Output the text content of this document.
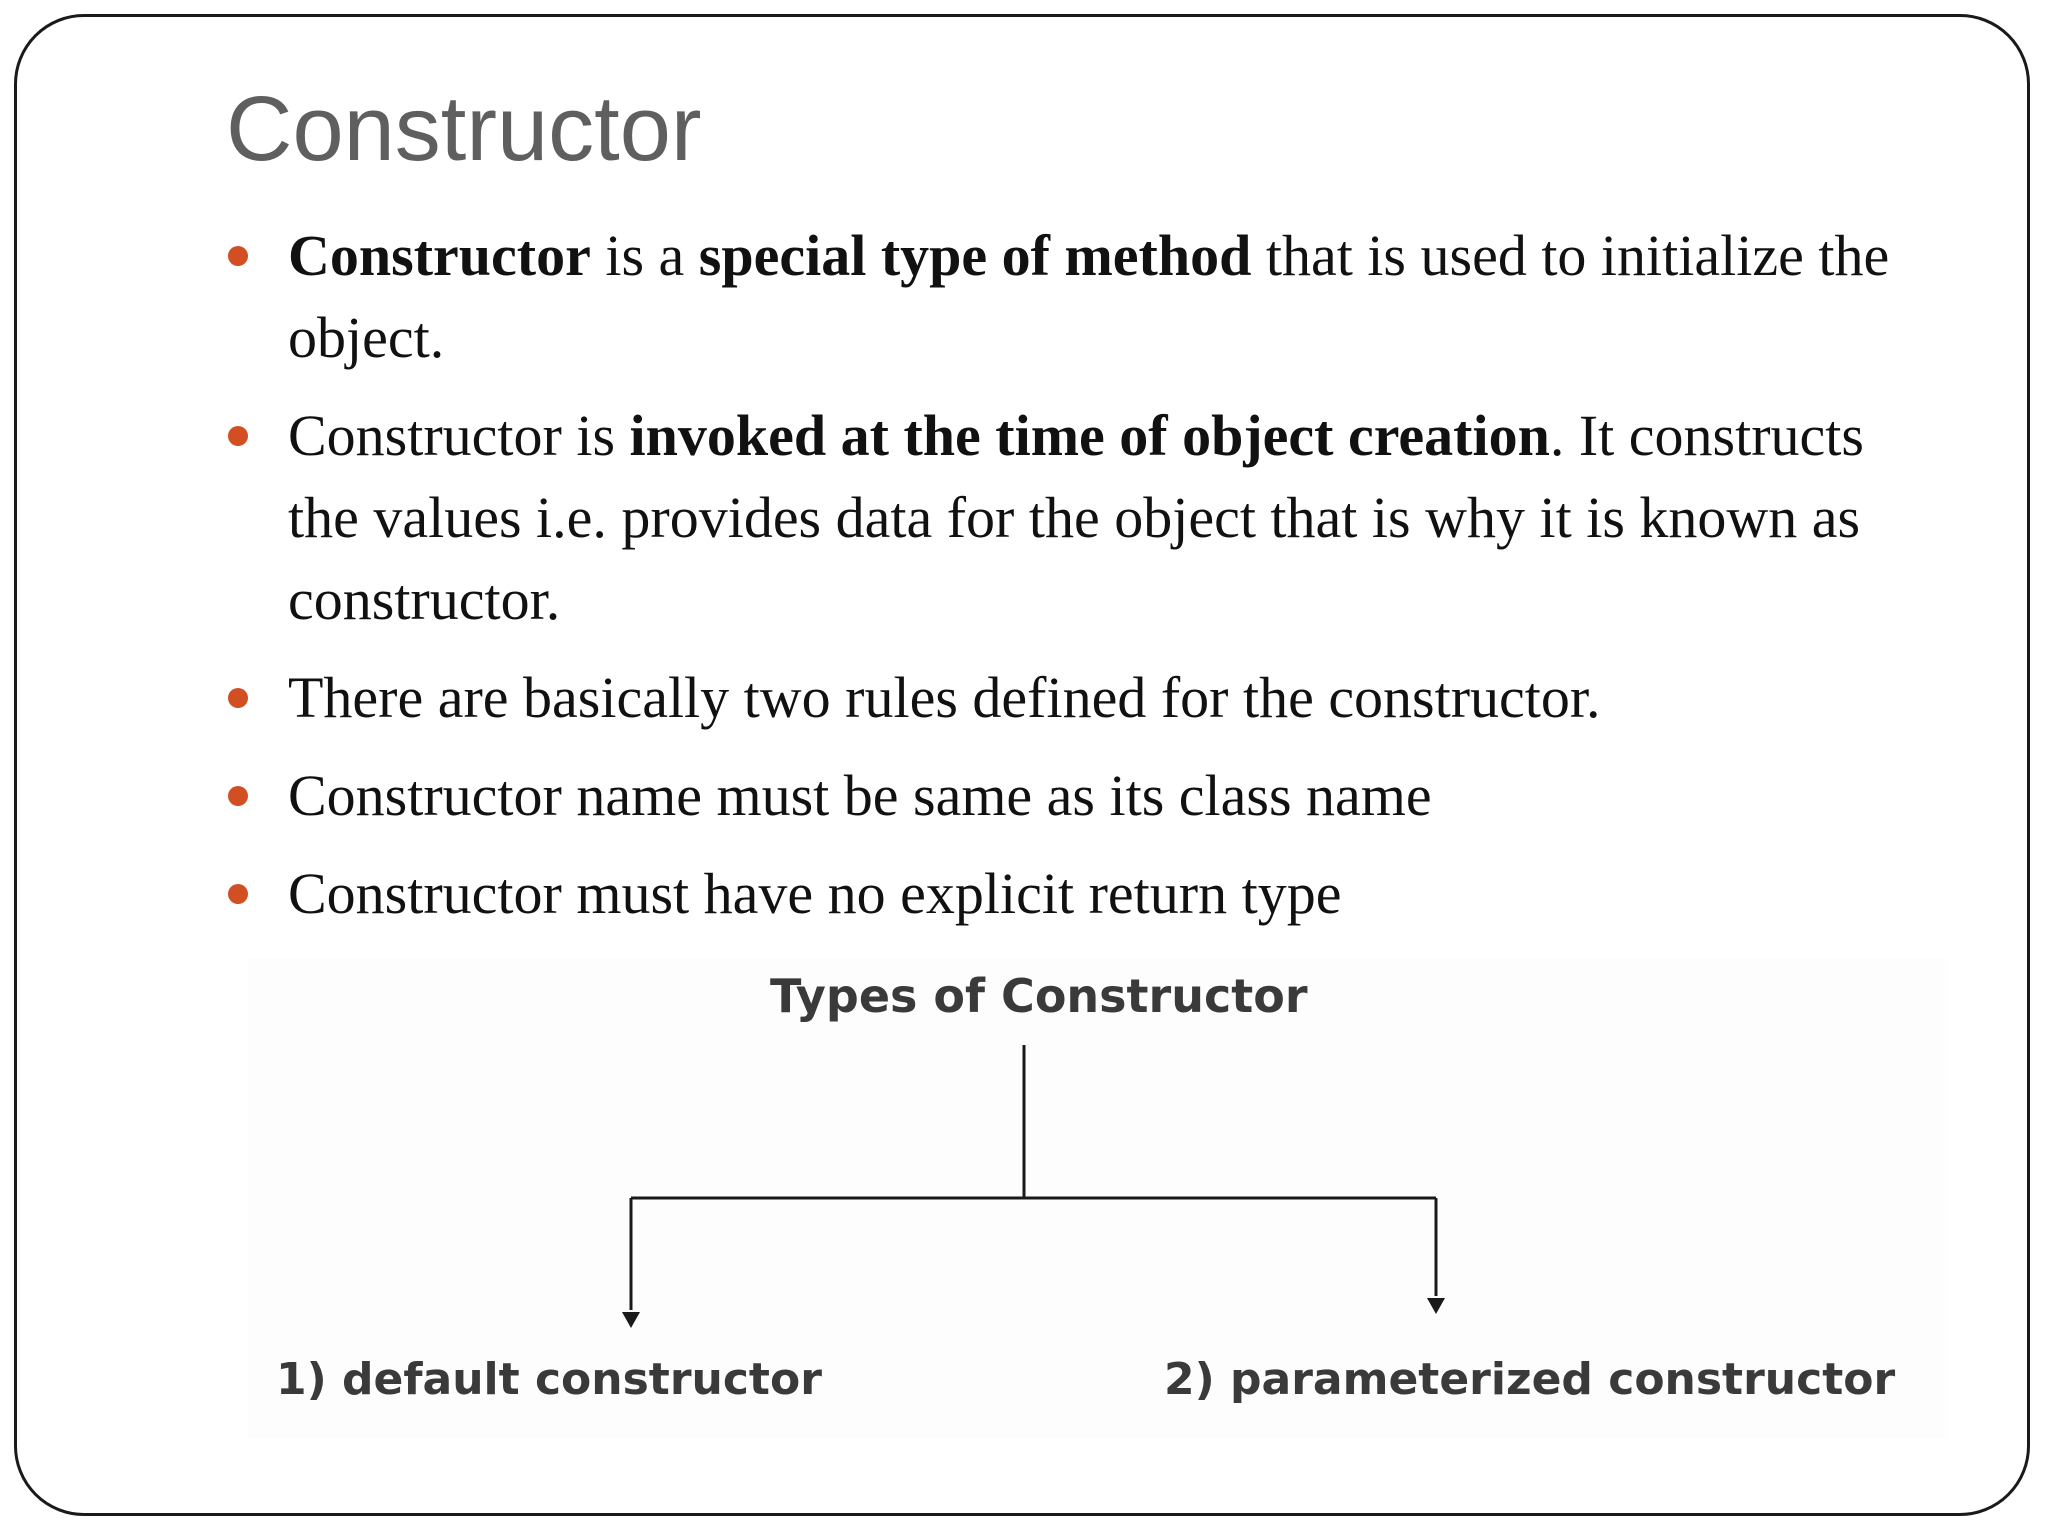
Constructor
Constructor is a special type of method that is used to initialize the object.
Constructor is invoked at the time of object creation. It constructs the values i.e. provides data for the object that is why it is known as constructor.
There are basically two rules defined for the constructor.
Constructor name must be same as its class name
Constructor must have no explicit return type
Types of Constructor
1) default constructor	2) parameterized constructor
